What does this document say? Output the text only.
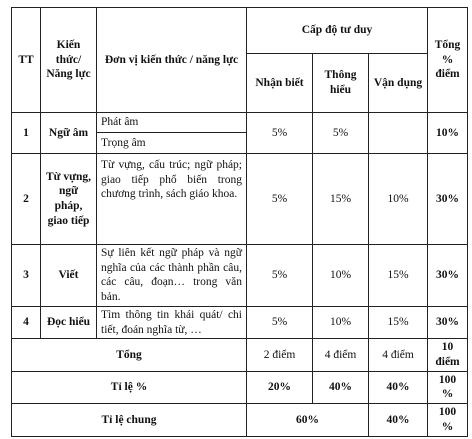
TT	Kiến thức/ Năng lực	Đơn vị kiến thức / năng lực	Cấp độ tư duy			Tổng % điểm
			Nhận biết	Thông hiểu	Vận dụng	
1	Ngữ âm	Phát âm	5%	5%		10%
		Trọng âm				
2	Từ vựng, ngữ pháp, giao tiếp	Từ vựng, cấu trúc; ngữ pháp; giao tiếp phổ biến trong chương trình, sách giáo khoa.	5%	15%	10%	30%
3	Viết	Sự liên kết ngữ pháp và ngữ nghĩa của các thành phần câu, các câu, đoạn… trong văn bản.	5%	10%	15%	30%
4	Đọc hiểu	Tìm thông tin khái quát/ chi tiết, đoán nghĩa từ, …	5%	10%	15%	30%
Tổng			2 điểm	4 điểm	4 điểm	10 điểm
Tỉ lệ %			20%	40%	40%	100 %
Tỉ lệ chung			60%		40%	100 %
